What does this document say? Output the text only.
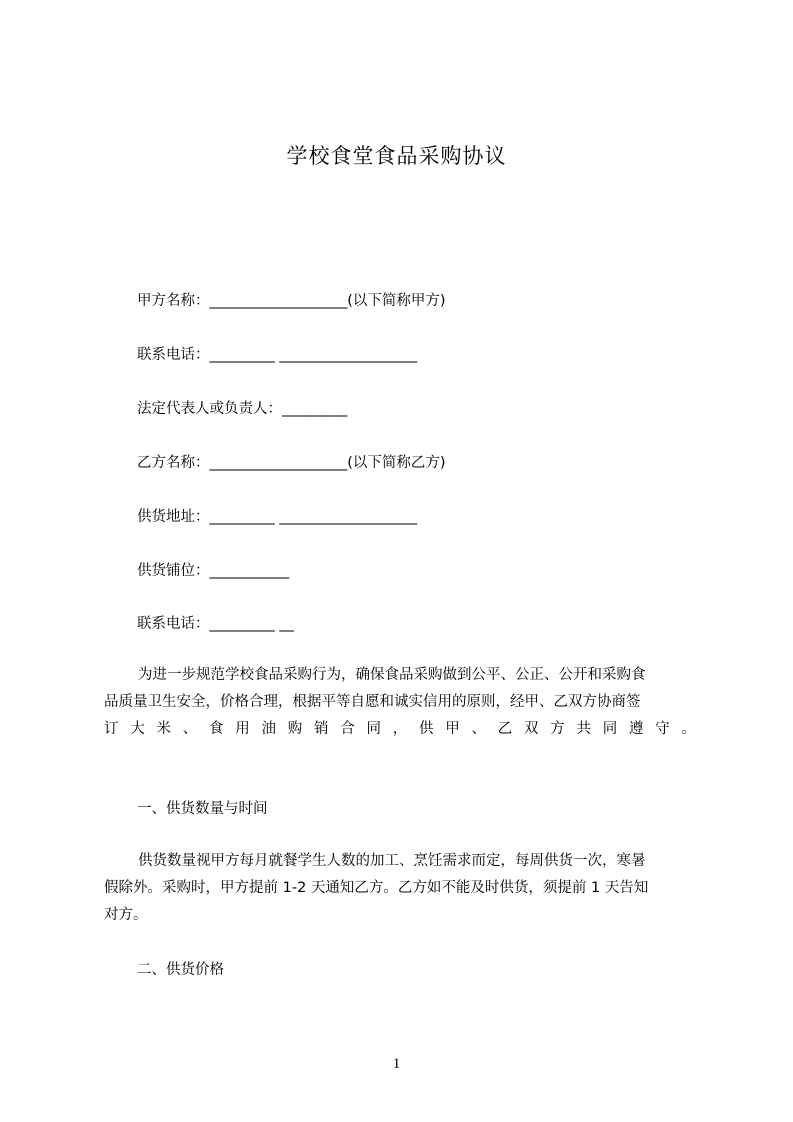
学校食堂食品采购协议
甲方名称：___________________(以下简称甲方)
联系电话：_________ ___________________
法定代表人或负责人：_________
乙方名称：___________________(以下简称乙方)
供货地址：_________ ___________________
供货铺位：___________
联系电话：_________ __
为进一步规范学校食品采购行为，确保食品采购做到公平、公正、公开和采购食
品质量卫生安全，价格合理，根据平等自愿和诚实信用的原则，经甲、乙双方协商签
订大米、食用油购销合同，供甲、乙双方共同遵守。
一、供货数量与时间
供货数量视甲方每月就餐学生人数的加工、烹饪需求而定，每周供货一次，寒暑
假除外。采购时，甲方提前 1-2 天通知乙方。乙方如不能及时供货，须提前 1 天告知
对方。
二、供货价格
1
